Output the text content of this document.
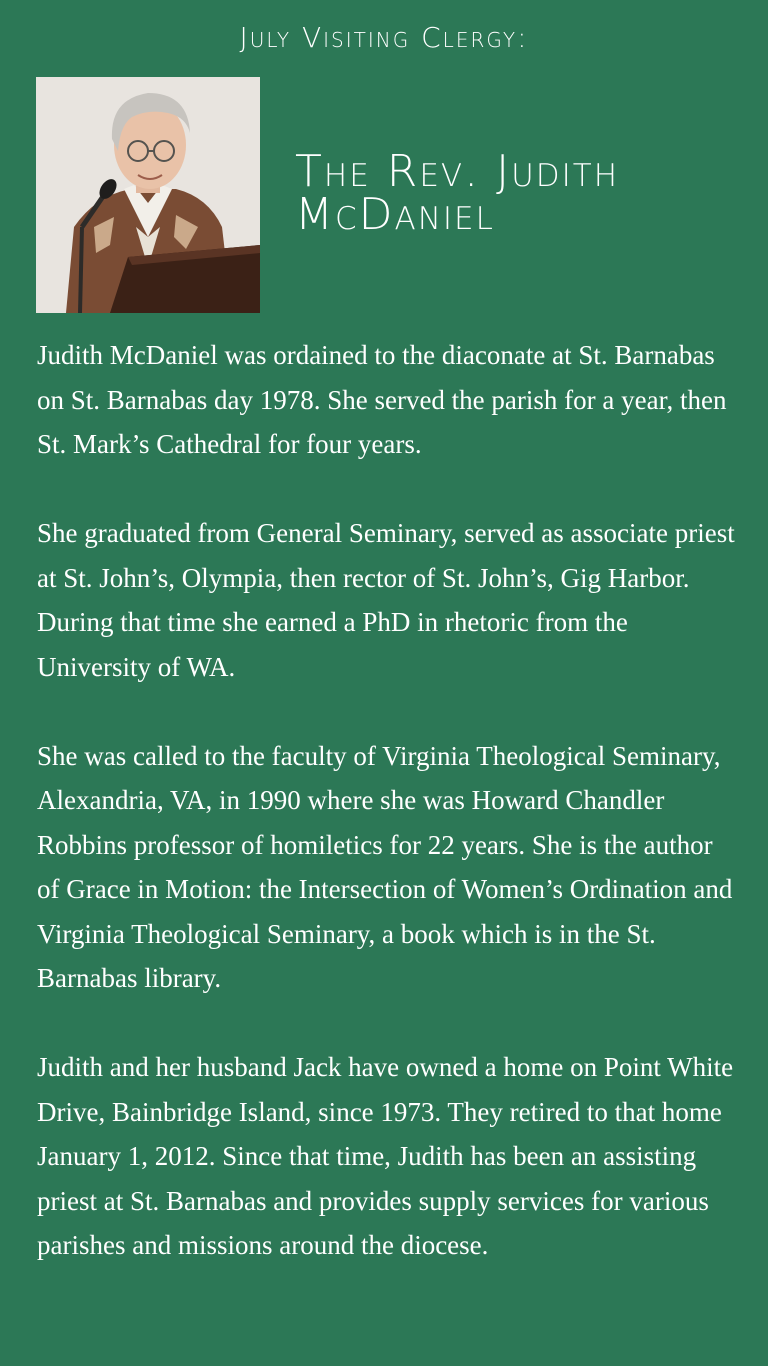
July Visiting Clergy:
The Rev. Judith McDaniel

Judith McDaniel was ordained to the diaconate at St. Barnabas on St. Barnabas day 1978. She served the parish for a year, then St. Mark’s Cathedral for four years.

She graduated from General Seminary, served as associate priest at St. John’s, Olympia, then rector of St. John’s, Gig Harbor. During that time she earned a PhD in rhetoric from the University of WA.

She was called to the faculty of Virginia Theological Seminary, Alexandria, VA, in 1990 where she was Howard Chandler Robbins professor of homiletics for 22 years. She is the author of Grace in Motion: the Intersection of Women’s Ordination and Virginia Theological Seminary, a book which is in the St. Barnabas library.

Judith and her husband Jack have owned a home on Point White Drive, Bainbridge Island, since 1973. They retired to that home January 1, 2012. Since that time, Judith has been an assisting priest at St. Barnabas and provides supply services for various parishes and missions around the diocese.
